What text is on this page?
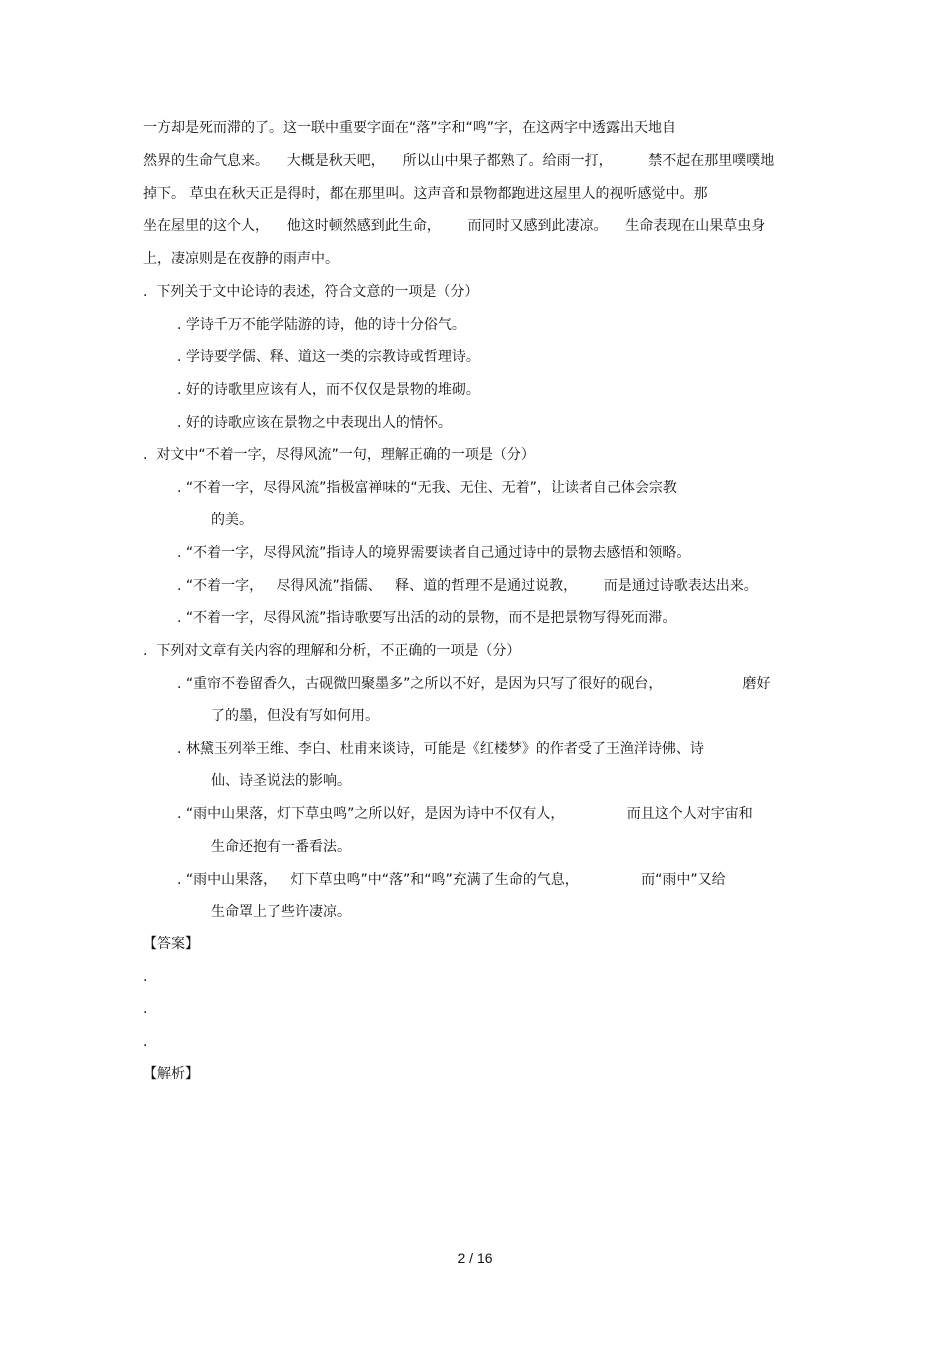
一方却是死而滞的了。这一联中重要字面在“落”字和“鸣”字，在这两字中透露出天地自
然界的生命气息来。    大概是秋天吧，    所以山中果子都熟了。给雨一打，        禁不起在那里噗噗地
掉下。 草虫在秋天正是得时，都在那里叫。这声音和景物都跑进这屋里人的视听感觉中。那
坐在屋里的这个人，    他这时顿然感到此生命，      而同时又感到此凄凉。    生命表现在山果草虫身
上，凄凉则是在夜静的雨声中。
.  下列关于文中论诗的表述，符合文意的一项是（分）
. 学诗千万不能学陆游的诗，他的诗十分俗气。
. 学诗要学儒、释、道这一类的宗教诗或哲理诗。
. 好的诗歌里应该有人，而不仅仅是景物的堆砌。
. 好的诗歌应该在景物之中表现出人的情怀。
.  对文中“不着一字，尽得风流”一句，理解正确的一项是（分）
. “不着一字，尽得风流”指极富禅味的“无我、无住、无着”，让读者自己体会宗教
的美。
. “不着一字，尽得风流”指诗人的境界需要读者自己通过诗中的景物去感悟和领略。
. “不着一字，   尽得风流”指儒、   释、道的哲理不是通过说教，      而是通过诗歌表达出来。
. “不着一字，尽得风流”指诗歌要写出活的动的景物，而不是把景物写得死而滞。
.  下列对文章有关内容的理解和分析，不正确的一项是（分）
. “重帘不卷留香久，古砚微凹聚墨多”之所以不好，是因为只写了很好的砚台，                  磨好
了的墨，但没有写如何用。
. 林黛玉列举王维、李白、杜甫来谈诗，可能是《红楼梦》的作者受了王渔洋诗佛、诗
仙、诗圣说法的影响。
. “雨中山果落，灯下草虫鸣”之所以好，是因为诗中不仅有人，              而且这个人对宇宙和
生命还抱有一番看法。
. “雨中山果落，   灯下草虫鸣”中“落”和“鸣”充满了生命的气息，              而“雨中”又给
生命罩上了些许凄凉。
【答案】
.
.
.
【解析】
2 / 16
